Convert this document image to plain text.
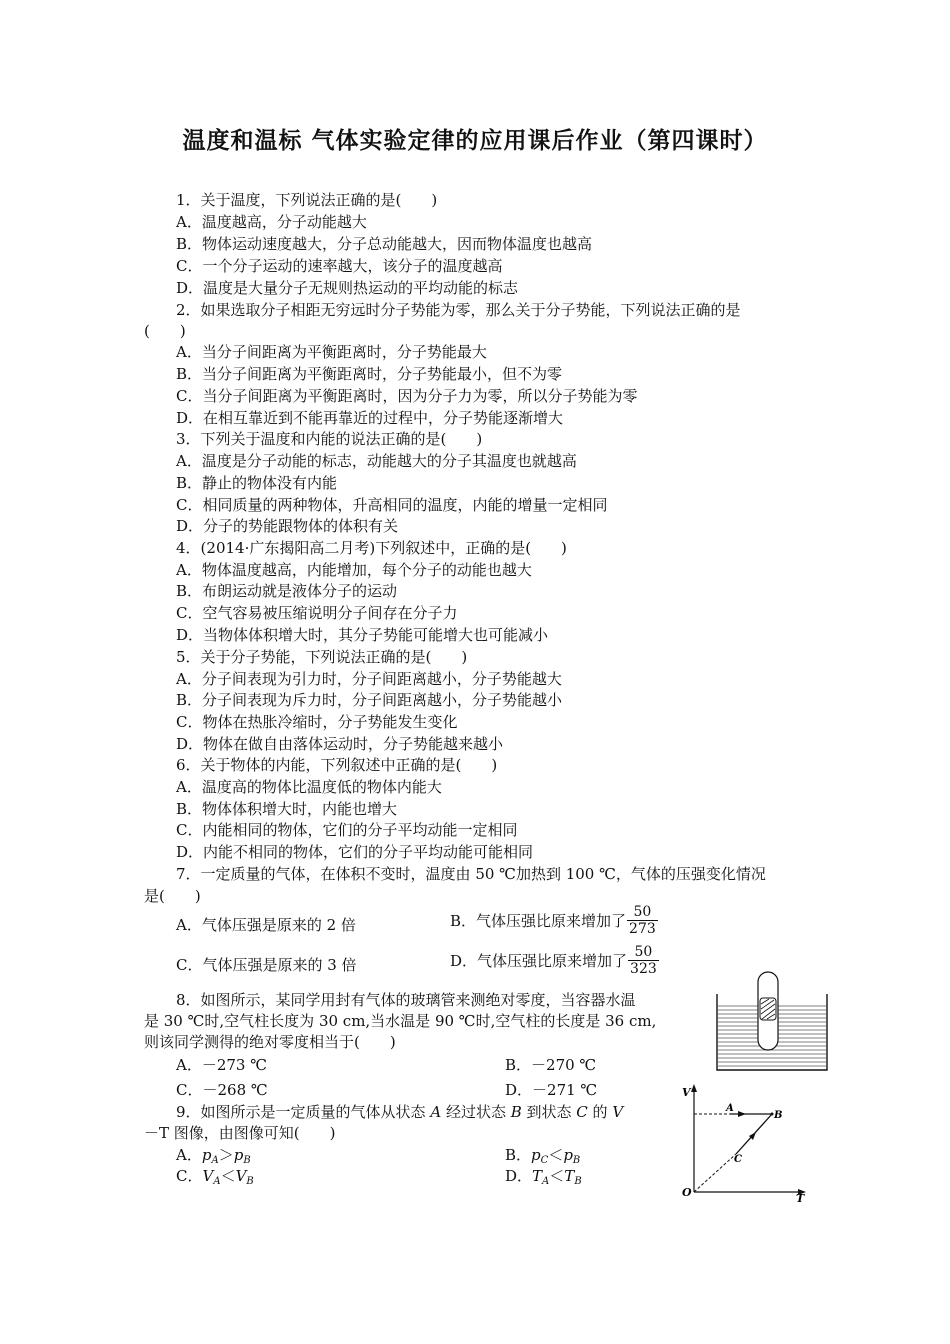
温度和温标 气体实验定律的应用课后作业（第四课时）
1．关于温度，下列说法正确的是(　　)
A．温度越高，分子动能越大
B．物体运动速度越大，分子总动能越大，因而物体温度也越高
C．一个分子运动的速率越大，该分子的温度越高
D．温度是大量分子无规则热运动的平均动能的标志
2．如果选取分子相距无穷远时分子势能为零，那么关于分子势能，下列说法正确的是
(　　)
A．当分子间距离为平衡距离时，分子势能最大
B．当分子间距离为平衡距离时，分子势能最小，但不为零
C．当分子间距离为平衡距离时，因为分子力为零，所以分子势能为零
D．在相互靠近到不能再靠近的过程中，分子势能逐渐增大
3．下列关于温度和内能的说法正确的是(　　)
A．温度是分子动能的标志，动能越大的分子其温度也就越高
B．静止的物体没有内能
C．相同质量的两种物体，升高相同的温度，内能的增量一定相同
D．分子的势能跟物体的体积有关
4．(2014·广东揭阳高二月考)下列叙述中，正确的是(　　)
A．物体温度越高，内能增加，每个分子的动能也越大
B．布朗运动就是液体分子的运动
C．空气容易被压缩说明分子间存在分子力
D．当物体体积增大时，其分子势能可能增大也可能减小
5．关于分子势能，下列说法正确的是(　　)
A．分子间表现为引力时，分子间距离越小，分子势能越大
B．分子间表现为斥力时，分子间距离越小，分子势能越小
C．物体在热胀冷缩时，分子势能发生变化
D．物体在做自由落体运动时，分子势能越来越小
6．关于物体的内能，下列叙述中正确的是(　　)
A．温度高的物体比温度低的物体内能大
B．物体体积增大时，内能也增大
C．内能相同的物体，它们的分子平均动能一定相同
D．内能不相同的物体，它们的分子平均动能可能相同
7．一定质量的气体，在体积不变时，温度由 50 ℃加热到 100 ℃，气体的压强变化情况
是(　　)
A．气体压强是原来的 2 倍	B．气体压强比原来增加了 $\frac{50}{273}$
C．气体压强是原来的 3 倍	D．气体压强比原来增加了 $\frac{50}{323}$
8．如图所示，某同学用封有气体的玻璃管来测绝对零度，当容器水温
是 30 ℃时,空气柱长度为 30 cm,当水温是 90 ℃时,空气柱的长度是 36 cm,
则该同学测得的绝对零度相当于(　　)
A．－273 ℃	B．－270 ℃
C．－268 ℃	D．－271 ℃
9．如图所示是一定质量的气体从状态 A 经过状态 B 到状态 C 的 V
－T 图像，由图像可知(　　)
A．$p_A>p_B$	B．$p_C<p_B$
C．$V_A<V_B$	D．$T_A<T_B$
V
T
O
A
B
C
